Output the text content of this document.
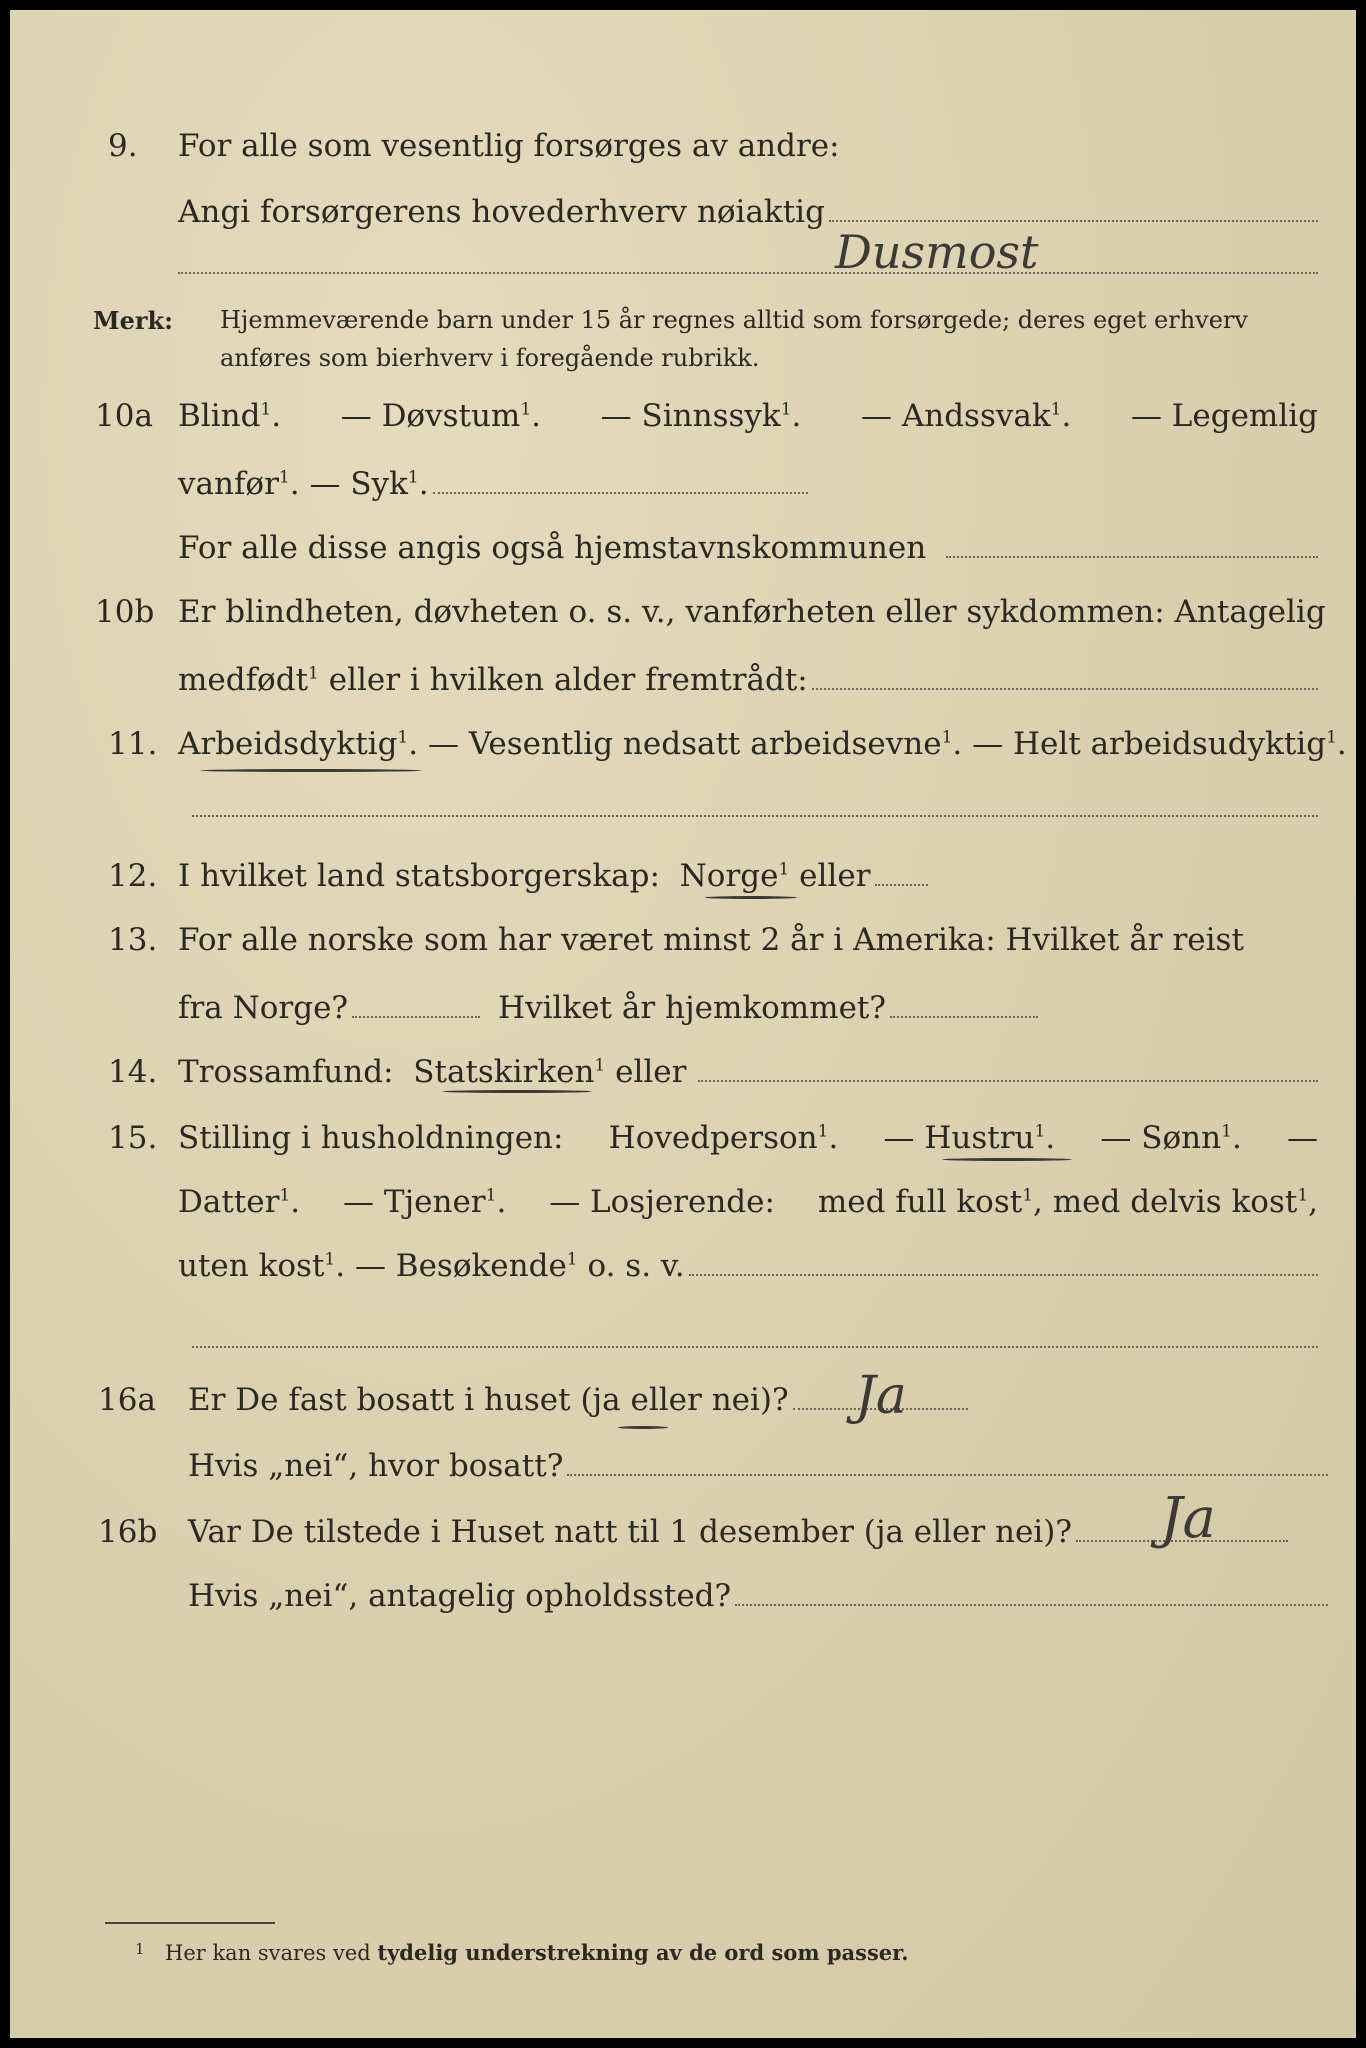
9. For alle som vesentlig forsørges av andre:
Angi forsørgerens hovederhverv nøiaktig
Dusmost
Merk: Hjemmeværende barn under 15 år regnes alltid som forsørgede; deres eget erhverv
anføres som bierhverv i foregående rubrikk.
10a Blind$^1$. — Døvstum$^1$. — Sinnssyk$^1$. — Andssvak$^1$. — Legemlig
vanfør$^1$. — Syk$^1$.
For alle disse angis også hjemstavnskommunen
10b Er blindheten, døvheten o. s. v., vanførheten eller sykdommen: Antagelig
medfødt$^1$ eller i hvilken alder fremtrådt:
11. Arbeidsdyktig$^1$. — Vesentlig nedsatt arbeidsevne$^1$. — Helt arbeidsudyktig$^1$.
12. I hvilket land statsborgerskap:
Norge$^1$ eller
13. For alle norske som har været minst 2 år i Amerika: Hvilket år reist
fra Norge?	Hvilket år hjemkommet?
14. Trossamfund:
Statskirken$^1$ eller
15. Stilling i husholdningen: Hovedperson$^1$. — Hustru$^1$. — Sønn$^1$. —
Datter$^1$. — Tjener$^1$. — Losjerende: med full kost$^1$, med delvis kost$^1$,
uten kost$^1$. — Besøkende$^1$ o. s. v.
16a Er De fast bosatt i huset (ja eller nei)? Ja
Hvis „nei“, hvor bosatt?
16b Var De tilstede i Huset natt til 1 desember (ja eller nei)? Ja
Hvis „nei“, antagelig opholdssted?
1 Her kan svares ved
tydelig understrekning av de ord som passer.
